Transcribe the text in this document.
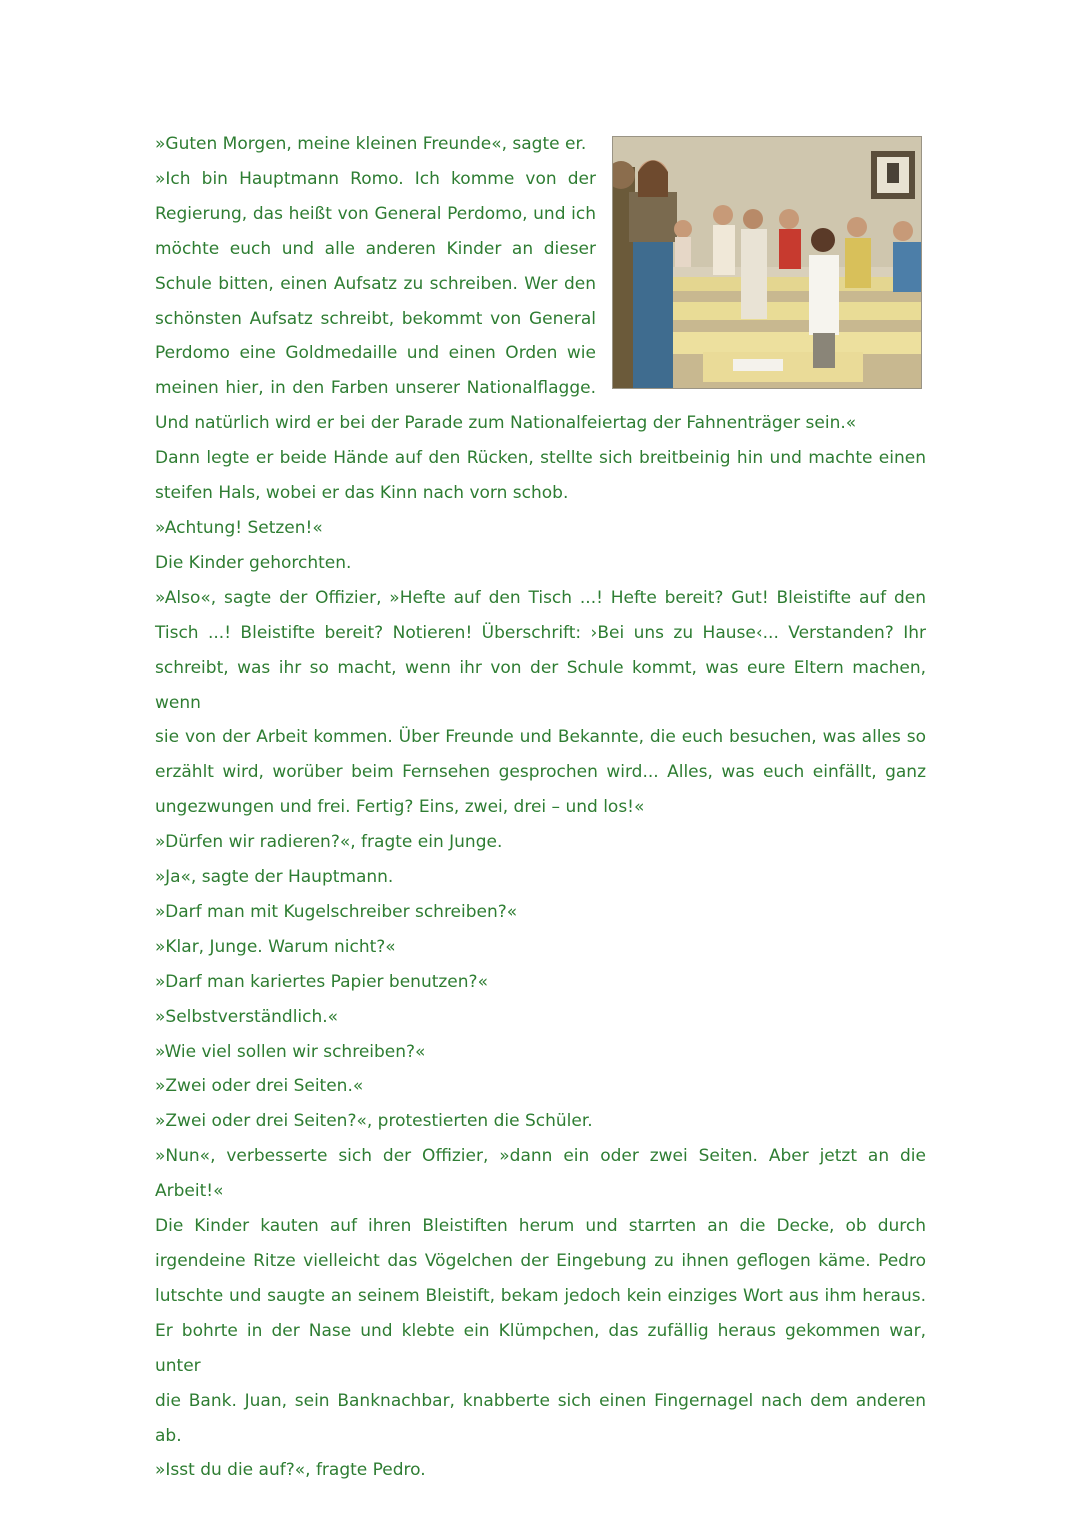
»Guten Morgen, meine kleinen Freunde«, sagte er.
»Ich bin Hauptmann Romo. Ich komme von der
Regierung, das heißt von General Perdomo, und ich
möchte euch und alle anderen Kinder an dieser
Schule bitten, einen Aufsatz zu schreiben. Wer den
schönsten Aufsatz schreibt, bekommt von General
Perdomo eine Goldmedaille und einen Orden wie
meinen hier, in den Farben unserer Nationalflagge.
Und natürlich wird er bei der Parade zum Nationalfeiertag der Fahnenträger sein.«
Dann legte er beide Hände auf den Rücken, stellte sich breitbeinig hin und machte einen
steifen Hals, wobei er das Kinn nach vorn schob.
»Achtung! Setzen!«
Die Kinder gehorchten.
»Also«, sagte der Offizier, »Hefte auf den Tisch ...! Hefte bereit? Gut! Bleistifte auf den
Tisch ...! Bleistifte bereit? Notieren! Überschrift: ›Bei uns zu Hause‹... Verstanden? Ihr
schreibt, was ihr so macht, wenn ihr von der Schule kommt, was eure Eltern machen, wenn
sie von der Arbeit kommen. Über Freunde und Bekannte, die euch besuchen, was alles so
erzählt wird, worüber beim Fernsehen gesprochen wird... Alles, was euch einfällt, ganz
ungezwungen und frei. Fertig? Eins, zwei, drei – und los!«
»Dürfen wir radieren?«, fragte ein Junge.
»Ja«, sagte der Hauptmann.
»Darf man mit Kugelschreiber schreiben?«
»Klar, Junge. Warum nicht?«
»Darf man kariertes Papier benutzen?«
»Selbstverständlich.«
»Wie viel sollen wir schreiben?«
»Zwei oder drei Seiten.«
»Zwei oder drei Seiten?«, protestierten die Schüler.
»Nun«, verbesserte sich der Offizier, »dann ein oder zwei Seiten. Aber jetzt an die
Arbeit!«
Die Kinder kauten auf ihren Bleistiften herum und starrten an die Decke, ob durch
irgendeine Ritze vielleicht das Vögelchen der Eingebung zu ihnen geflogen käme. Pedro
lutschte und saugte an seinem Bleistift, bekam jedoch kein einziges Wort aus ihm heraus.
Er bohrte in der Nase und klebte ein Klümpchen, das zufällig heraus gekommen war, unter
die Bank. Juan, sein Banknachbar, knabberte sich einen Fingernagel nach dem anderen ab.
»Isst du die auf?«, fragte Pedro.
